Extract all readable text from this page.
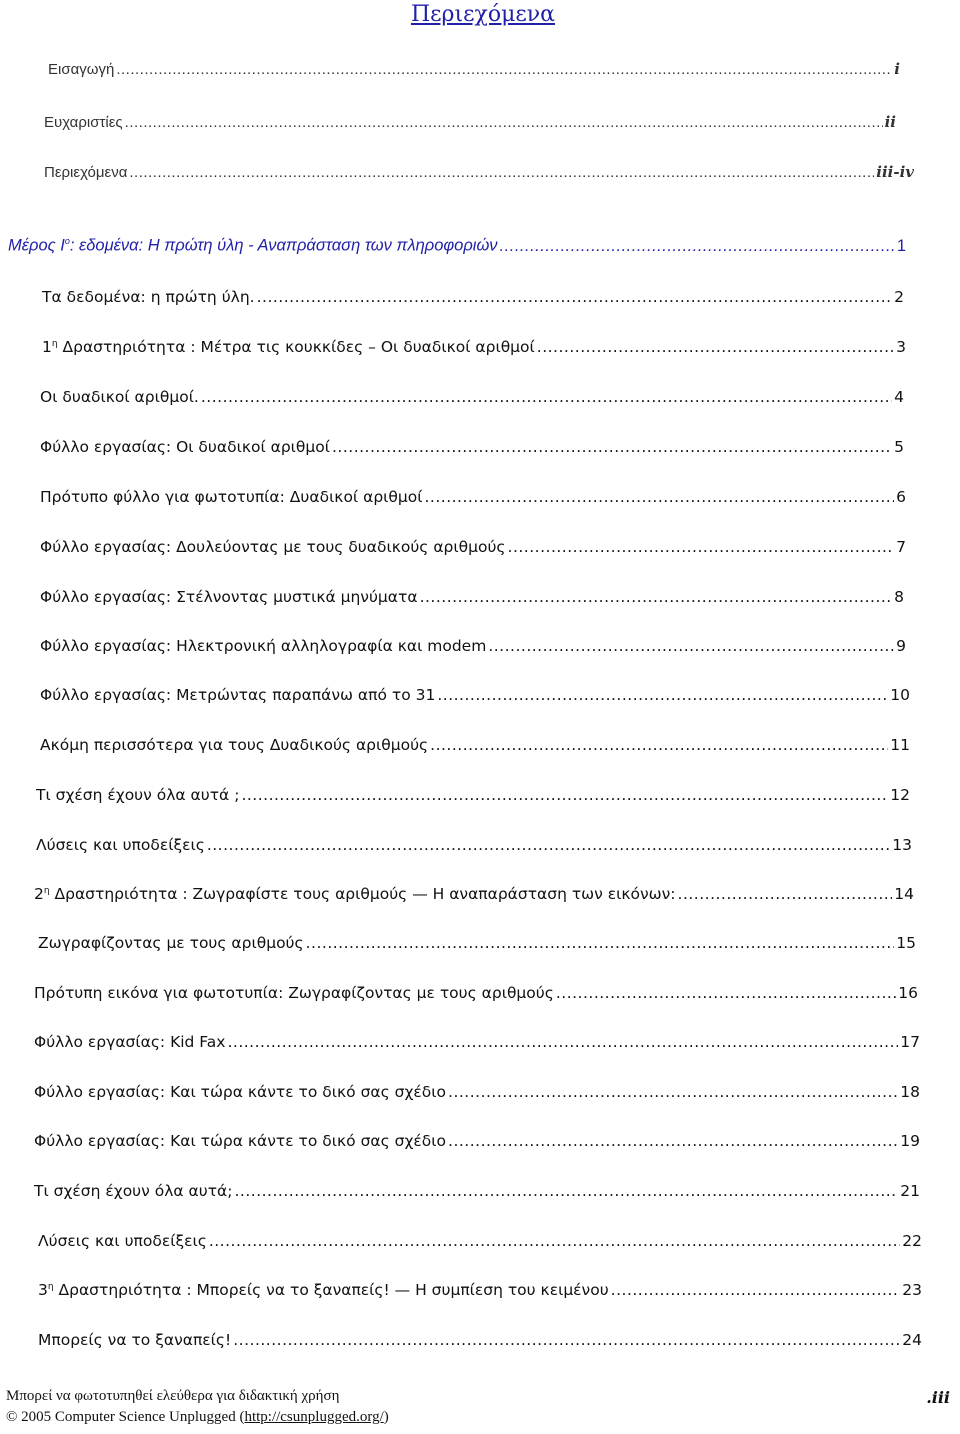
Περιεχόμενα
Εισαγωγή .....	i
Ευχαριστίες .....	ii
Περιεχόμενα .....	iii-iv
Μέρος $I^o$: εδομένα: Η πρώτη ύλη - Αναπράσταση των πληροφοριών .....	1
Τα δεδομένα: η πρώτη ύλη. .....	2
$1^\eta$ Δραστηριότητα : Μέτρα τις κουκκίδες – Οι δυαδικοί αριθμοί .....	3
Οι δυαδικοί αριθμοί. .....	4
Φύλλο εργασίας: Οι δυαδικοί αριθμοί .....	5
Πρότυπο φύλλο για φωτοτυπία: Δυαδικοί αριθμοί .....	6
Φύλλο εργασίας: Δουλεύοντας με τους δυαδικούς αριθμούς .....	7
Φύλλο εργασίας: Στέλνοντας μυστικά μηνύματα .....	8
Φύλλο εργασίας: Ηλεκτρονική αλληλογραφία και modem .....	9
Φύλλο εργασίας: Μετρώντας παραπάνω από το 31 .....	10
Ακόμη περισσότερα για τους Δυαδικούς αριθμούς .....	11
Τι σχέση έχουν όλα αυτά ; .....	12
Λύσεις και υποδείξεις .....	13
$2^\eta$ Δραστηριότητα : Ζωγραφίστε τους αριθμούς — Η αναπαράσταση των εικόνων: .....	14
Ζωγραφίζοντας με τους αριθμούς .....	15
Πρότυπη εικόνα για φωτοτυπία: Ζωγραφίζοντας με τους αριθμούς .....	16
Φύλλο εργασίας: Kid Fax .....	17
Φύλλο εργασίας: Και τώρα κάντε το δικό σας σχέδιο .....	18
Φύλλο εργασίας: Και τώρα κάντε το δικό σας σχέδιο .....	19
Τι σχέση έχουν όλα αυτά; .....	21
Λύσεις και υποδείξεις .....	22
$3^\eta$ Δραστηριότητα : Μπορείς να το ξαναπείς! — Η συμπίεση του κειμένου .....	23
Μπορείς να το ξαναπείς! .....	24
Μπορεί να φωτοτυπηθεί ελεύθερα για διδακτική χρήση
© 2005 Computer Science Unplugged (http://csunplugged.org/)
.iii
